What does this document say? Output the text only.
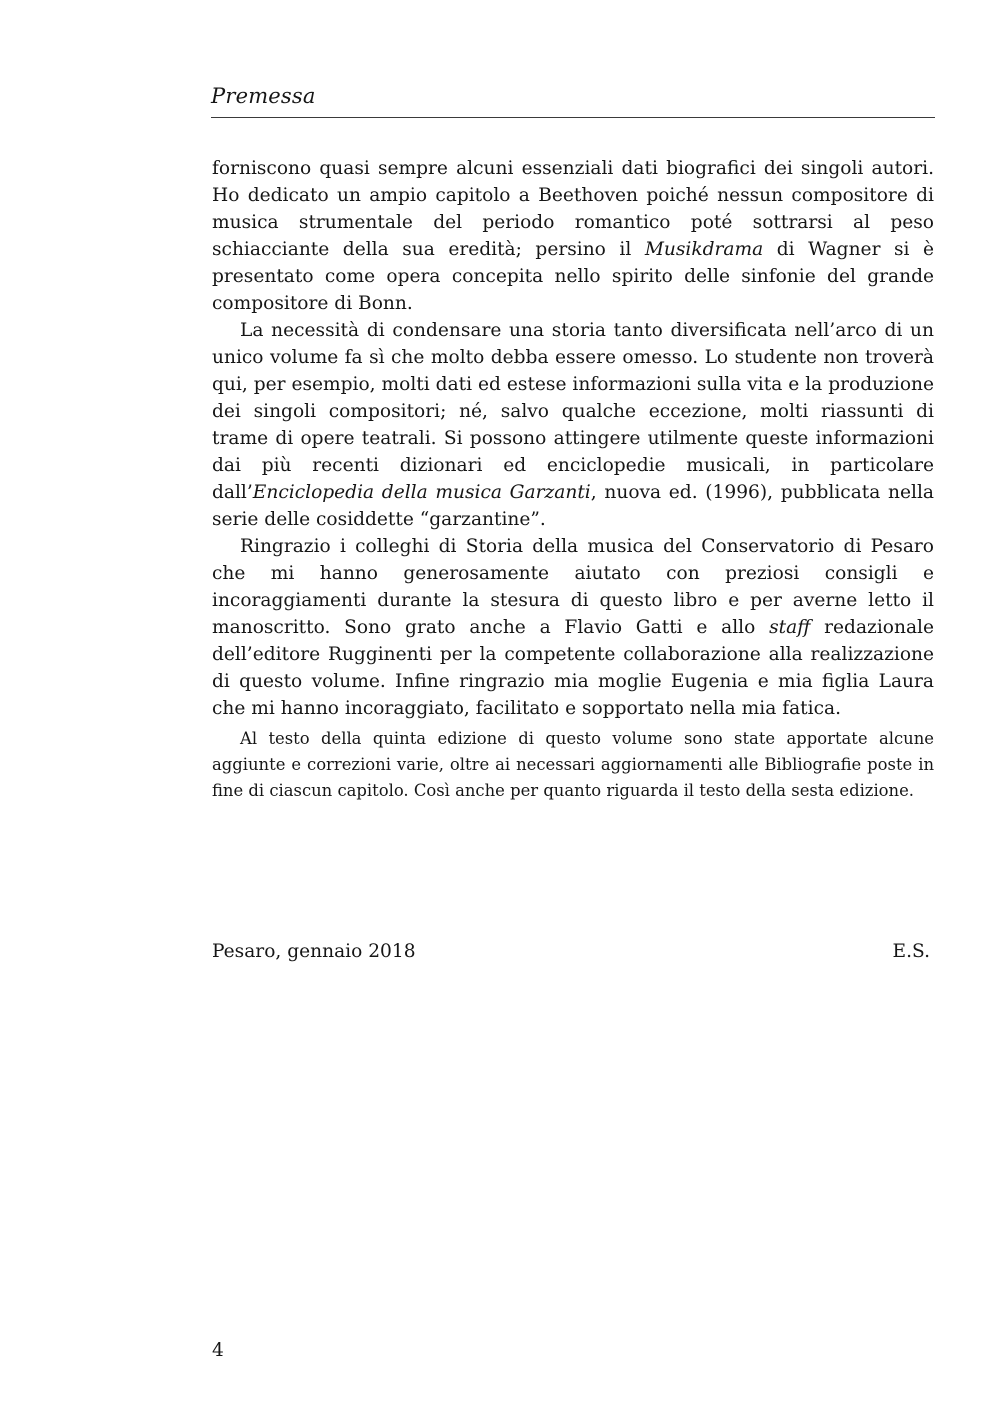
Premessa

forniscono quasi sempre alcuni essenziali dati biografici dei singoli autori. Ho dedicato un ampio capitolo a Beethoven poiché nessun compositore di musica strumentale del periodo romantico poté sottrarsi al peso schiacciante della sua eredità; persino il Musikdrama di Wagner si è presentato come opera concepita nello spirito delle sinfonie del grande compositore di Bonn.

La necessità di condensare una storia tanto diversificata nell’arco di un unico volume fa sì che molto debba essere omesso. Lo studente non troverà qui, per esempio, molti dati ed estese informazioni sulla vita e la produzione dei singoli compositori; né, salvo qualche eccezione, molti riassunti di trame di opere teatrali. Si possono attingere utilmente queste informazioni dai più recenti dizionari ed enciclopedie musicali, in particolare dall’Enciclopedia della musica Garzanti, nuova ed. (1996), pubblicata nella serie delle cosiddette “garzantine”.

Ringrazio i colleghi di Storia della musica del Conservatorio di Pesaro che mi hanno generosamente aiutato con preziosi consigli e incoraggiamenti durante la stesura di questo libro e per averne letto il manoscritto. Sono grato anche a Flavio Gatti e allo staff redazionale dell’editore Rugginenti per la competente collaborazione alla realizzazione di questo volume. Infine ringrazio mia moglie Eugenia e mia figlia Laura che mi hanno incoraggiato, facilitato e sopportato nella mia fatica.

Al testo della quinta edizione di questo volume sono state apportate alcune aggiunte e correzioni varie, oltre ai necessari aggiornamenti alle Bibliografie poste in fine di ciascun capitolo. Così anche per quanto riguarda il testo della sesta edizione.

Pesaro, gennaio 2018	E.S.
4
